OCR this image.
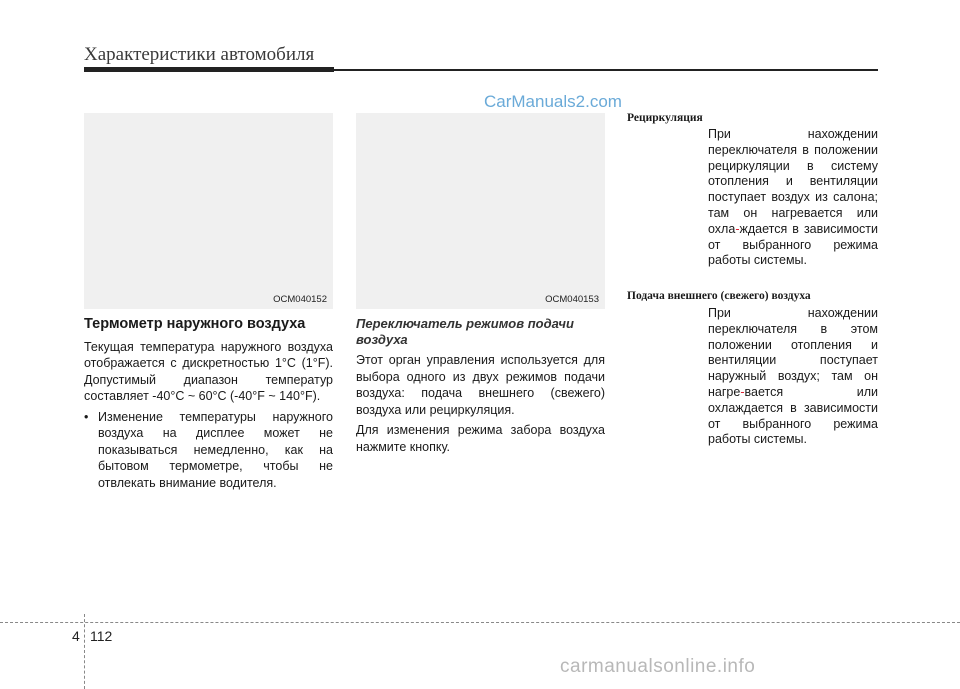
Характеристики автомобиля
CarManuals2.com
OCM040152	OCM040153
Термометр наружного воздуха

Текущая температура наружного воздуха отображается с дискретностью 1°C (1°F). Допустимый диапазон температур составляет -40°C ~ 60°C (-40°F ~ 140°F).

• Изменение температуры наружного воздуха на дисплее может не показываться немедленно, как на бытовом термометре, чтобы не отвлекать внимание водителя.
Переключатель режимов подачи воздуха

Этот орган управления используется для выбора одного из двух режимов подачи воздуха: подача внешнего (свежего) воздуха или рециркуляция.

Для изменения режима забора воздуха нажмите кнопку.

Рециркуляция
При нахождении переключателя в положении рециркуляции в систему отопления и вентиляции поступает воздух из салона; там он нагревается или охла-ждается в зависимости от выбранного режима работы системы.
Подача внешнего (свежего) воздуха
При нахождении переключателя в этом положении отопления и вентиляции поступает наружный воздух; там он нагре-вается или охлаждается в зависимости от выбранного режима работы системы.
4 112
carmanualsonline.info
